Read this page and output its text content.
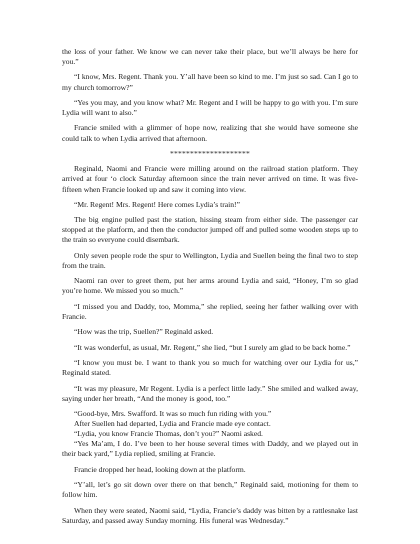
the loss of your father. We know we can never take their place, but we’ll always be here for you.”

“I know, Mrs. Regent. Thank you. Y’all have been so kind to me. I’m just so sad. Can I go to my church tomorrow?”

“Yes you may, and you know what? Mr. Regent and I will be happy to go with you. I’m sure Lydia will want to also.”

Francie smiled with a glimmer of hope now, realizing that she would have someone she could talk to when Lydia arrived that afternoon.

********************

Reginald, Naomi and Francie were milling around on the railroad station platform. They arrived at four ‘o clock Saturday afternoon since the train never arrived on time. It was five-fifteen when Francie looked up and saw it coming into view.

“Mr. Regent! Mrs. Regent! Here comes Lydia’s train!”

The big engine pulled past the station, hissing steam from either side. The passenger car stopped at the platform, and then the conductor jumped off and pulled some wooden steps up to the train so everyone could disembark.

Only seven people rode the spur to Wellington, Lydia and Suellen being the final two to step from the train.

Naomi ran over to greet them, put her arms around Lydia and said, “Honey, I’m so glad you’re home. We missed you so much.”

“I missed you and Daddy, too, Momma,” she replied, seeing her father walking over with Francie.

“How was the trip, Suellen?” Reginald asked.

“It was wonderful, as usual, Mr. Regent,” she lied, “but I surely am glad to be back home.”

“I know you must be. I want to thank you so much for watching over our Lydia for us,” Reginald stated.

“It was my pleasure, Mr Regent. Lydia is a perfect little lady.” She smiled and walked away, saying under her breath, “And the money is good, too.”

“Good-bye, Mrs. Swafford. It was so much fun riding with you.”

After Suellen had departed, Lydia and Francie made eye contact.

“Lydia, you know Francie Thomas, don’t you?” Naomi asked.

“Yes Ma’am, I do. I’ve been to her house several times with Daddy, and we played out in their back yard,” Lydia replied, smiling at Francie.

Francie dropped her head, looking down at the platform.

“Y’all, let’s go sit down over there on that bench,” Reginald said, motioning for them to follow him.

When they were seated, Naomi said, “Lydia, Francie’s daddy was bitten by a rattlesnake last Saturday, and passed away Sunday morning. His funeral was Wednesday.”
